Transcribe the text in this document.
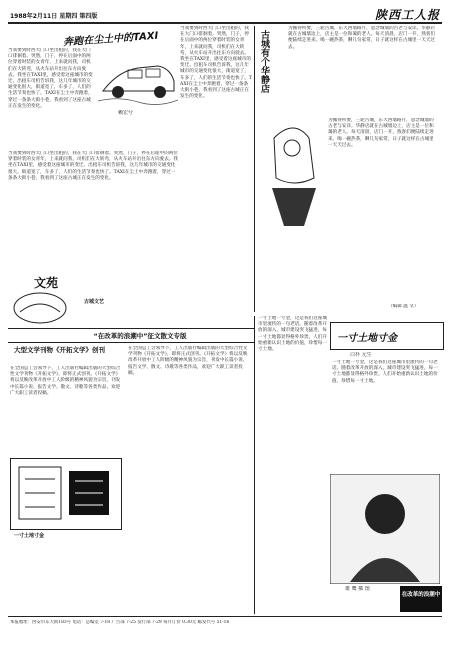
1988年2月11日 星期四 第四版	陕西工人报
奔跑在尘土中的TAXI
赖宏兮
当我要到时西大门口坐出租的，我在大门口徘徊着。突然，门子，停在后面中的两位穿着时装的女青年，上来就问我，司机们在大转弯，从火车站开出往东方向驶去。我坐在TAXI里，感受着这座城市的变迁。出租车司机告诉我，这几年城市的交通变化很大，街道宽了，车多了，人们的生活节奏也快了。TAXI在尘土中奔跑着，穿过一条条大街小巷，我看到了这座古城正在发生的变化。
当我要到时西大门口坐出租的，我在大门口徘徊着。突然，门子，停在后面中的两位穿着时装的女青年，上来就问我，司机们在大转弯，从火车站开出往东方向驶去。我坐在TAXI里，感受着这座城市的变迁。出租车司机告诉我，这几年城市的交通变化很大，街道宽了，车多了，人们的生活节奏也快了。TAXI在尘土中奔跑着，穿过一条条大街小巷，我看到了这座古城正在发生的变化。
当我要到时西大门口坐出租的，我在大门口徘徊着。突然，门子，停在后面中的两位穿着时装的女青年，上来就问我，司机们在大转弯，从火车站开出往东方向驶去。我坐在TAXI里，感受着这座城市的变迁。出租车司机告诉我，这几年城市的交通变化很大，街道宽了，车多了，人们的生活节奏也快了。TAXI在尘土中奔跑着，穿过一条条大街小巷，我看到了这座古城正在发生的变化。
古城有个华静店
为搬得所要，三轮古城，东大西墙路月，思念城墙的古老与安详。华静店就在古城墙边上，店主是一位和蔼的老人。每天清晨，店门一开，熟客们便陆续走进来。喝一碗热茶，聊几句家常，日子就这样在古城里一天天过去。
为搬得所要，三轮古城，东大西墙路月，思念城墙的古老与安详。华静店就在古城墙边上，店主是一位和蔼的老人。每天清晨，店门一开，熟客们便陆续走进来。喝一碗热茶，聊几句家常，日子就这样在古城里一天天过去。
（编辑 温 文）
文苑
古城文艺
“在改革的浪潮中”征文散文专版
大型文学刊物《开拓文学》创刊
在全国总工会领导下，工人出版社编辑出版的大型综合性文学刊物《开拓文学》，即将正式创刊。《开拓文学》将以反映改革开放中工人阶级的精神风貌为宗旨，刊发中长篇小说、报告文学、散文、诗歌等各类作品，欢迎广大职工读者投稿。
一寸土地寸金
在全国总工会领导下，工人出版社编辑出版的大型综合性文学刊物《开拓文学》，即将正式创刊。《开拓文学》将以反映改革开放中工人阶级的精神风貌为宗旨，刊发中长篇小说、报告文学、散文、诗歌等各类作品，欢迎广大职工读者投稿。
一寸土地寸金
白朴 元生
一寸土地一寸金，这是我们这座城市里流传的一句老话。随着改革开放的深入，城市建设突飞猛进，每一寸土地都显得格外珍贵。人们开始重新认识土地的价值，珍惜每一寸土地。
一寸土地一寸金，这是我们这座城市里流传的一句老话。随着改革开放的深入，城市建设突飞猛进，每一寸土地都显得格外珍贵。人们开始重新认识土地的价值，珍惜每一寸土地。
雄 鹰 插 图
在改革的浪潮中
本报地址：西安市东大街183号 电话：总编室 7-18 广告部 7-25 发行部 7-29 每月订价 0.30元 邮发代号 51-16
